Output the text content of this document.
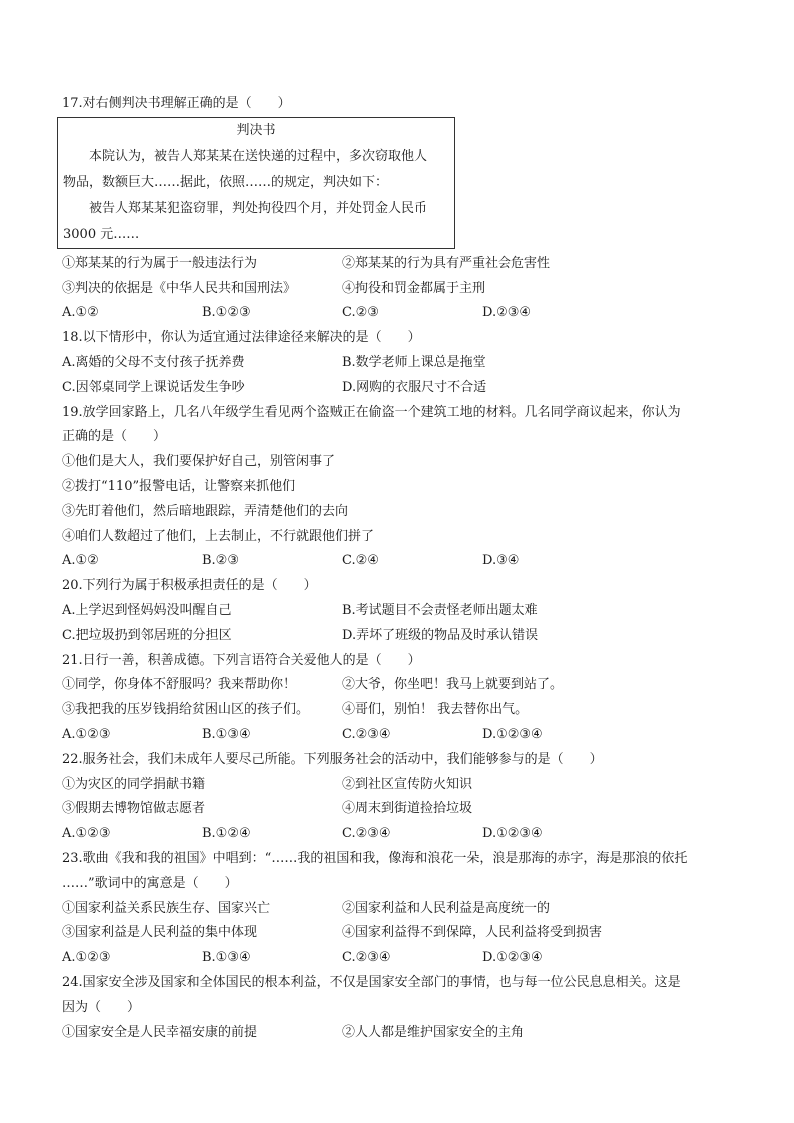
17.对右侧判决书理解正确的是（　　）
判决书
本院认为，被告人郑某某在送快递的过程中，多次窃取他人
物品，数额巨大……据此，依照……的规定，判决如下：
被告人郑某某犯盗窃罪，判处拘役四个月，并处罚金人民币
3000 元……
①郑某某的行为属于一般违法行为	②郑某某的行为具有严重社会危害性
③判决的依据是《中华人民共和国刑法》	④拘役和罚金都属于主刑
A.①②	B.①②③	C.②③	D.②③④
18.以下情形中，你认为适宜通过法律途径来解决的是（　　）
A.离婚的父母不支付孩子抚养费	B.数学老师上课总是拖堂
C.因邻桌同学上课说话发生争吵	D.网购的衣服尺寸不合适
19.放学回家路上，几名八年级学生看见两个盗贼正在偷盗一个建筑工地的材料。几名同学商议起来，你认为
正确的是（　　）
①他们是大人，我们要保护好自己，别管闲事了
②拨打“110”报警电话，让警察来抓他们
③先盯着他们，然后暗地跟踪，弄清楚他们的去向
④咱们人数超过了他们，上去制止，不行就跟他们拼了
A.①②	B.②③	C.②④	D.③④
20.下列行为属于积极承担责任的是（　　）
A.上学迟到怪妈妈没叫醒自己	B.考试题目不会责怪老师出题太难
C.把垃圾扔到邻居班的分担区	D.弄坏了班级的物品及时承认错误
21.日行一善，积善成德。下列言语符合关爱他人的是（　　）
①同学，你身体不舒服吗？我来帮助你！	②大爷，你坐吧！我马上就要到站了。
③我把我的压岁钱捐给贫困山区的孩子们。	④哥们，别怕！ 我去替你出气。
A.①②③	B.①③④	C.②③④	D.①②③④
22.服务社会，我们未成年人要尽己所能。下列服务社会的活动中，我们能够参与的是（　　）
①为灾区的同学捐献书籍	②到社区宣传防火知识
③假期去博物馆做志愿者	④周末到街道捡拾垃圾
A.①②③	B.①②④	C.②③④	D.①②③④
23.歌曲《我和我的祖国》中唱到：“……我的祖国和我，像海和浪花一朵，浪是那海的赤字，海是那浪的依托
……”歌词中的寓意是（　　）
①国家利益关系民族生存、国家兴亡	②国家利益和人民利益是高度统一的
③国家利益是人民利益的集中体现	④国家利益得不到保障，人民利益将受到损害
A.①②③	B.①③④	C.②③④	D.①②③④
24.国家安全涉及国家和全体国民的根本利益，不仅是国家安全部门的事情，也与每一位公民息息相关。这是
因为（　　）
①国家安全是人民幸福安康的前提	②人人都是维护国家安全的主角
